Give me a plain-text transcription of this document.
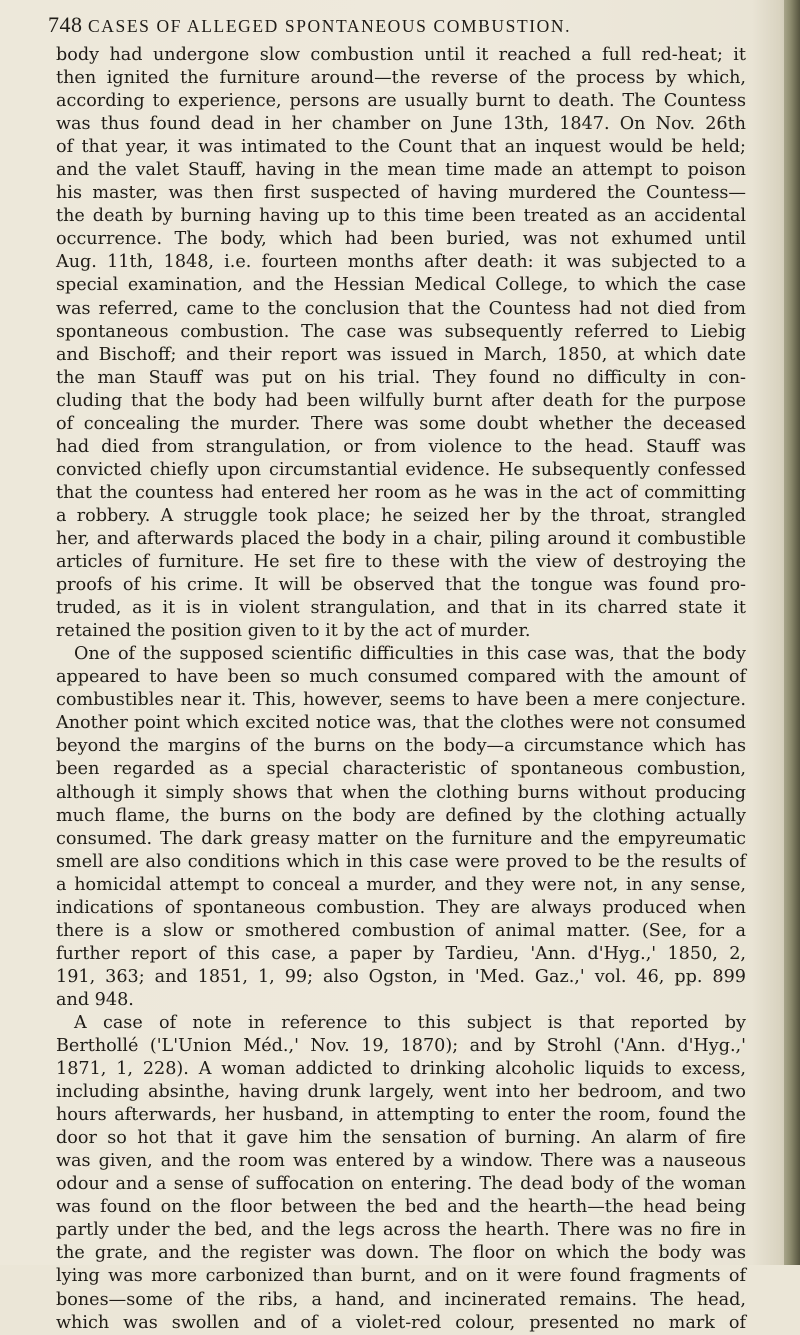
748 CASES OF ALLEGED SPONTANEOUS COMBUSTION.
body had undergone slow combustion until it reached a full red-heat; it
then ignited the furniture around—the reverse of the process by which,
according to experience, persons are usually burnt to death. The Countess
was thus found dead in her chamber on June 13th, 1847. On Nov. 26th
of that year, it was intimated to the Count that an inquest would be held;
and the valet Stauff, having in the mean time made an attempt to poison
his master, was then first suspected of having murdered the Countess—
the death by burning having up to this time been treated as an accidental
occurrence. The body, which had been buried, was not exhumed until
Aug. 11th, 1848, i.e. fourteen months after death: it was subjected to a
special examination, and the Hessian Medical College, to which the case
was referred, came to the conclusion that the Countess had not died from
spontaneous combustion. The case was subsequently referred to Liebig
and Bischoff; and their report was issued in March, 1850, at which date
the man Stauff was put on his trial. They found no difficulty in con-
cluding that the body had been wilfully burnt after death for the purpose
of concealing the murder. There was some doubt whether the deceased
had died from strangulation, or from violence to the head. Stauff was
convicted chiefly upon circumstantial evidence. He subsequently confessed
that the countess had entered her room as he was in the act of committing
a robbery. A struggle took place; he seized her by the throat, strangled
her, and afterwards placed the body in a chair, piling around it combustible
articles of furniture. He set fire to these with the view of destroying the
proofs of his crime. It will be observed that the tongue was found pro-
truded, as it is in violent strangulation, and that in its charred state it
retained the position given to it by the act of murder.
One of the supposed scientific difficulties in this case was, that the body
appeared to have been so much consumed compared with the amount of
combustibles near it. This, however, seems to have been a mere conjecture.
Another point which excited notice was, that the clothes were not consumed
beyond the margins of the burns on the body—a circumstance which has
been regarded as a special characteristic of spontaneous combustion,
although it simply shows that when the clothing burns without producing
much flame, the burns on the body are defined by the clothing actually
consumed. The dark greasy matter on the furniture and the empyreumatic
smell are also conditions which in this case were proved to be the results of
a homicidal attempt to conceal a murder, and they were not, in any sense,
indications of spontaneous combustion. They are always produced when
there is a slow or smothered combustion of animal matter. (See, for a
further report of this case, a paper by Tardieu, 'Ann. d'Hyg.,' 1850, 2,
191, 363; and 1851, 1, 99; also Ogston, in 'Med. Gaz.,' vol. 46, pp. 899
and 948.
A case of note in reference to this subject is that reported by
Berthollé ('L'Union Méd.,' Nov. 19, 1870); and by Strohl ('Ann. d'Hyg.,'
1871, 1, 228). A woman addicted to drinking alcoholic liquids to excess,
including absinthe, having drunk largely, went into her bedroom, and two
hours afterwards, her husband, in attempting to enter the room, found the
door so hot that it gave him the sensation of burning. An alarm of fire
was given, and the room was entered by a window. There was a nauseous
odour and a sense of suffocation on entering. The dead body of the woman
was found on the floor between the bed and the hearth—the head being
partly under the bed, and the legs across the hearth. There was no fire in
the grate, and the register was down. The floor on which the body was
lying was more carbonized than burnt, and on it were found fragments of
bones—some of the ribs, a hand, and incinerated remains. The head,
which was swollen and of a violet-red colour, presented no mark of
